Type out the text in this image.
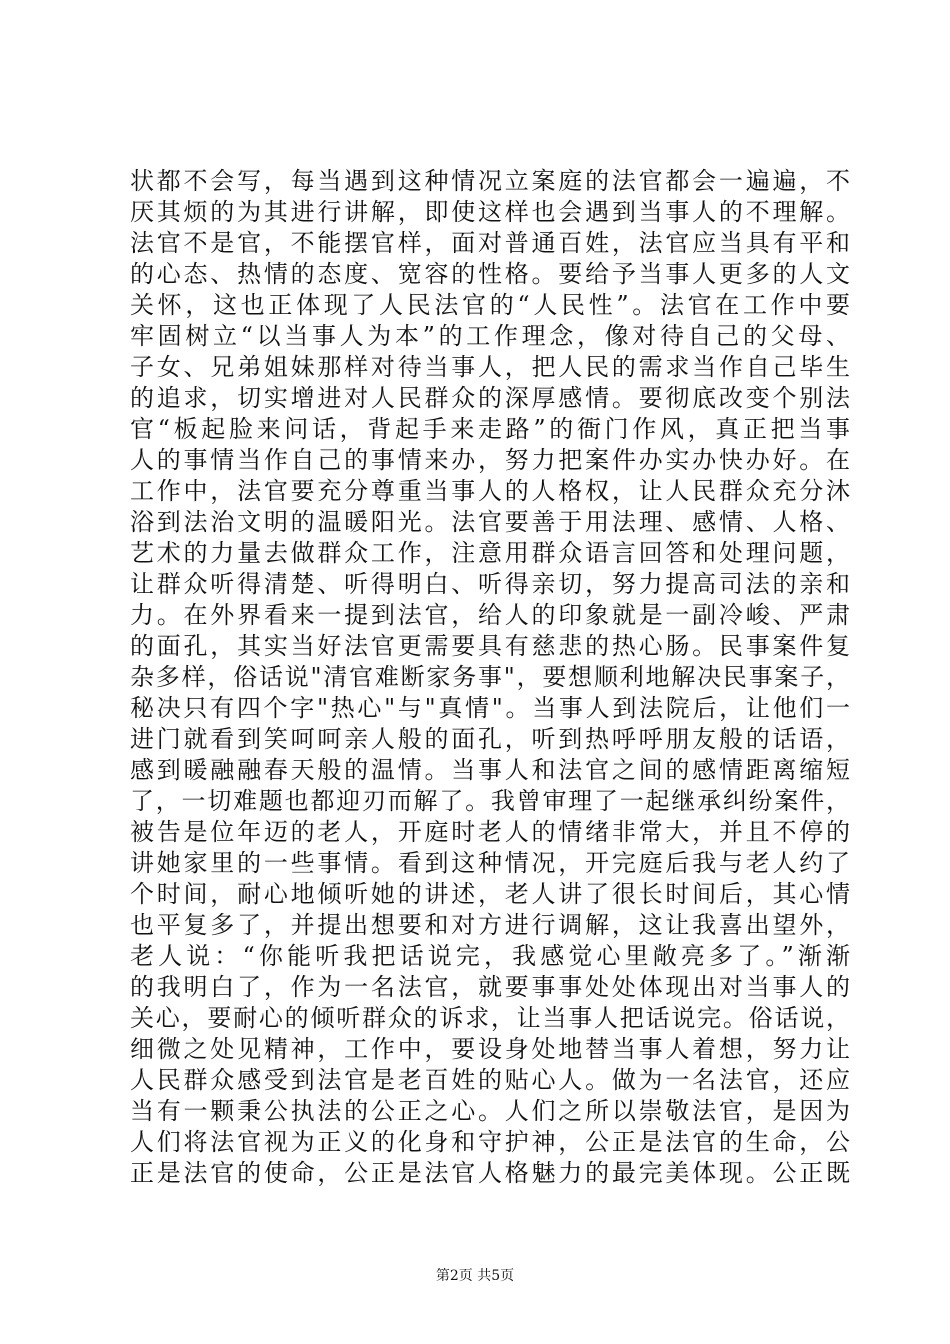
状都不会写，每当遇到这种情况立案庭的法官都会一遍遍，不
厌其烦的为其进行讲解，即使这样也会遇到当事人的不理解。
法官不是官，不能摆官样，面对普通百姓，法官应当具有平和
的心态、热情的态度、宽容的性格。要给予当事人更多的人文
关怀，这也正体现了人民法官的“人民性”。法官在工作中要
牢固树立“以当事人为本”的工作理念，像对待自己的父母、
子女、兄弟姐妹那样对待当事人，把人民的需求当作自己毕生
的追求，切实增进对人民群众的深厚感情。要彻底改变个别法
官“板起脸来问话，背起手来走路”的衙门作风，真正把当事
人的事情当作自己的事情来办，努力把案件办实办快办好。在
工作中，法官要充分尊重当事人的人格权，让人民群众充分沐
浴到法治文明的温暖阳光。法官要善于用法理、感情、人格、
艺术的力量去做群众工作，注意用群众语言回答和处理问题，
让群众听得清楚、听得明白、听得亲切，努力提高司法的亲和
力。在外界看来一提到法官，给人的印象就是一副冷峻、严肃
的面孔，其实当好法官更需要具有慈悲的热心肠。民事案件复
杂多样，俗话说"清官难断家务事"，要想顺利地解决民事案子，
秘决只有四个字"热心"与"真情"。当事人到法院后，让他们一
进门就看到笑呵呵亲人般的面孔，听到热呼呼朋友般的话语，
感到暖融融春天般的温情。当事人和法官之间的感情距离缩短
了，一切难题也都迎刃而解了。我曾审理了一起继承纠纷案件，
被告是位年迈的老人，开庭时老人的情绪非常大，并且不停的
讲她家里的一些事情。看到这种情况，开完庭后我与老人约了
个时间，耐心地倾听她的讲述，老人讲了很长时间后，其心情
也平复多了，并提出想要和对方进行调解，这让我喜出望外，
老人说：“你能听我把话说完，我感觉心里敞亮多了。”渐渐
的我明白了，作为一名法官，就要事事处处体现出对当事人的
关心，要耐心的倾听群众的诉求，让当事人把话说完。俗话说，
细微之处见精神，工作中，要设身处地替当事人着想，努力让
人民群众感受到法官是老百姓的贴心人。做为一名法官，还应
当有一颗秉公执法的公正之心。人们之所以崇敬法官，是因为
人们将法官视为正义的化身和守护神，公正是法官的生命，公
正是法官的使命，公正是法官人格魅力的最完美体现。公正既
第2页 共5页
